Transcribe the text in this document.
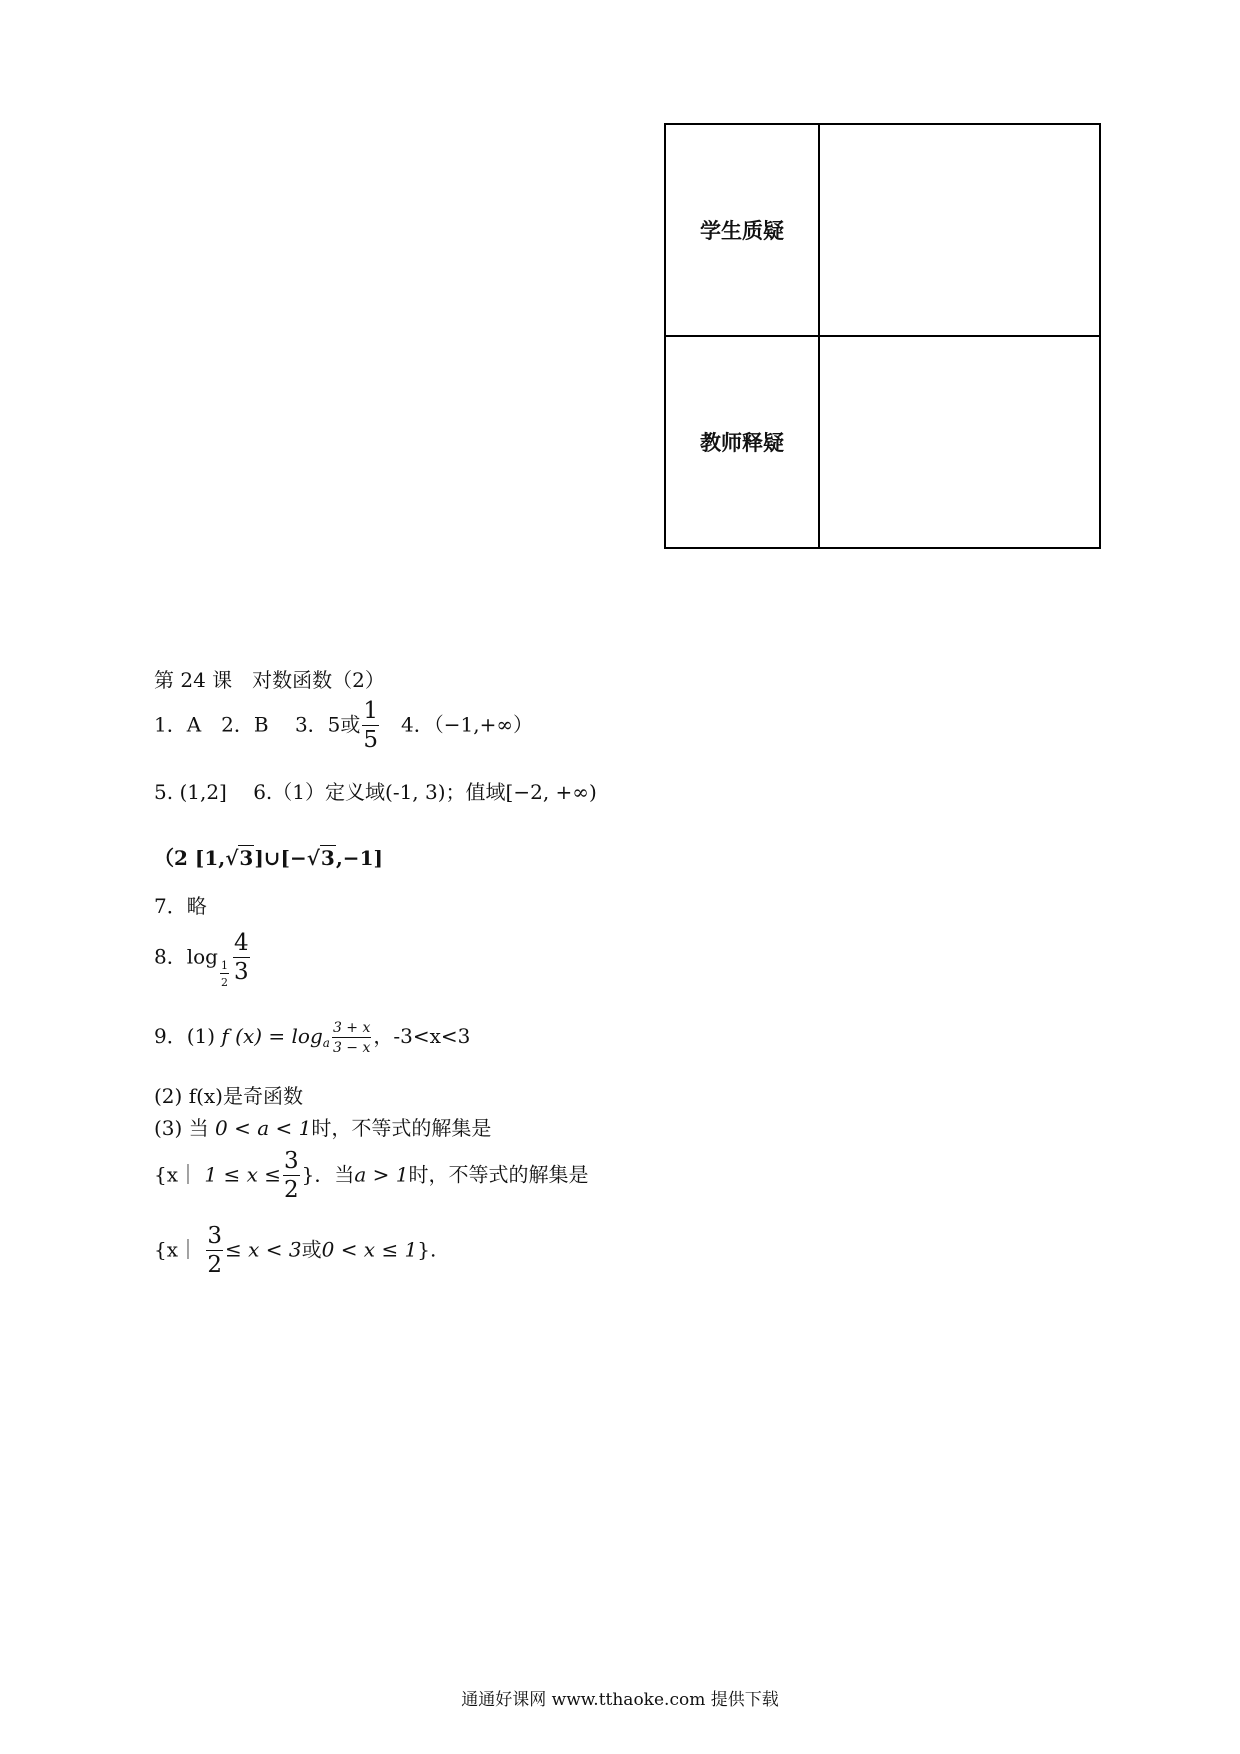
学生质疑	
教师释疑	
第 24 课　对数函数（2）
1．A　2．B　 3．5或 $\frac{1}{5}$ 　4．（−1,+∞）
5. (1,2]　 6.（1）定义域(-1, 3)；值域[−2, +∞)
（2 [1,√3]∪[−√3,−1]
7．略
8．log
$\frac{1}{2} \frac{4}{3}$
9．(1) f $(x) = \log_a \frac{3 + x}{3 - x}$ ，-3<x<3
(2) f(x)是奇函数
(3) 当 0 < a < 1时，不等式的解集是
{x｜ $1 \le x \le \frac{3}{2}$ }．当a > 1时，不等式的解集是
{x｜ $\frac{3}{2} \le x < 3$或0 < x ≤ 1}.
通通好课网 www.tthaoke.com 提供下载
